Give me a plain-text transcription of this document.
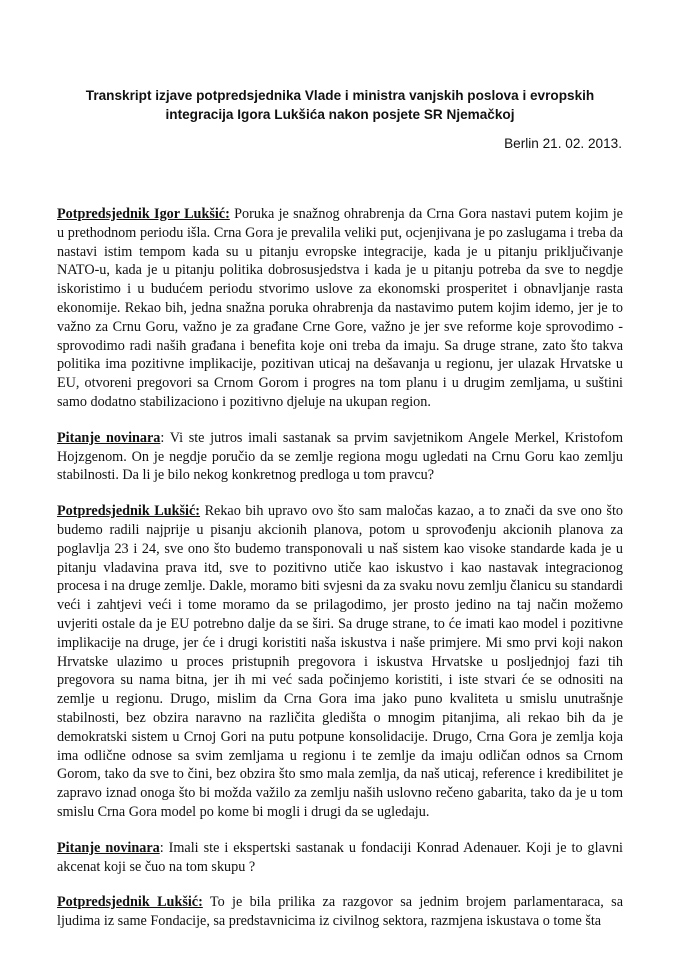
Transkript izjave potpredsjednika Vlade i ministra vanjskih poslova i evropskih
integracija Igora Lukšića nakon posjete SR Njemačkoj

Berlin 21. 02. 2013.

Potpredsjednik Igor Lukšić: Poruka je snažnog ohrabrenja da Crna Gora nastavi putem kojim je u prethodnom periodu išla. Crna Gora je prevalila veliki put, ocjenjivana je po zaslugama i treba da nastavi istim tempom kada su u pitanju evropske integracije, kada je u pitanju priključivanje NATO-u, kada je u pitanju politika dobrosusjedstva i kada je u pitanju potreba da sve to negdje iskoristimo i u budućem periodu stvorimo uslove za ekonomski prosperitet i obnavljanje rasta ekonomije. Rekao bih, jedna snažna poruka ohrabrenja da nastavimo putem kojim idemo, jer je to važno za Crnu Goru, važno je za građane Crne Gore, važno je jer sve reforme koje sprovodimo - sprovodimo radi naših građana i benefita koje oni treba da imaju. Sa druge strane, zato što takva politika ima pozitivne implikacije, pozitivan uticaj na dešavanja u regionu, jer ulazak Hrvatske u EU, otvoreni pregovori sa Crnom Gorom i progres na tom planu i u drugim zemljama, u suštini samo dodatno stabilizaciono i pozitivno djeluje na ukupan region.

Pitanje novinara: Vi ste jutros imali sastanak sa prvim savjetnikom Angele Merkel, Kristofom Hojzgenom. On je negdje poručio da se zemlje regiona mogu ugledati na Crnu Goru kao zemlju stabilnosti. Da li je bilo nekog konkretnog predloga u tom pravcu?

Potpredsjednik Lukšić: Rekao bih upravo ovo što sam maločas kazao, a to znači da sve ono što budemo radili najprije u pisanju akcionih planova, potom u sprovođenju akcionih planova za poglavlja 23 i 24, sve ono što budemo transponovali u naš sistem kao visoke standarde kada je u pitanju vladavina prava itd, sve to pozitivno utiče kao iskustvo i kao nastavak integracionog procesa i na druge zemlje. Dakle, moramo biti svjesni da za svaku novu zemlju članicu su standardi veći i zahtjevi veći i tome moramo da se prilagodimo, jer prosto jedino na taj način možemo uvjeriti ostale da je EU potrebno dalje da se širi. Sa druge strane, to će imati kao model i pozitivne implikacije na druge, jer će i drugi koristiti naša iskustva i naše primjere. Mi smo prvi koji nakon Hrvatske ulazimo u proces pristupnih pregovora i iskustva Hrvatske u posljednjoj fazi tih pregovora su nama bitna, jer ih mi već sada počinjemo koristiti, i iste stvari će se odnositi na zemlje u regionu. Drugo, mislim da Crna Gora ima jako puno kvaliteta u smislu unutrašnje stabilnosti, bez obzira naravno na različita gledišta o mnogim pitanjima, ali rekao bih da je demokratski sistem u Crnoj Gori na putu potpune konsolidacije. Drugo, Crna Gora je zemlja koja ima odlične odnose sa svim zemljama u regionu i te zemlje da imaju odličan odnos sa Crnom Gorom, tako da sve to čini, bez obzira što smo mala zemlja, da naš uticaj, reference i kredibilitet je zapravo iznad onoga što bi možda važilo za zemlju naših uslovno rečeno gabarita, tako da je u tom smislu Crna Gora model po kome bi mogli i drugi da se ugledaju.

Pitanje novinara: Imali ste i ekspertski sastanak u fondaciji Konrad Adenauer. Koji je to glavni akcenat koji se čuo na tom skupu ?

Potpredsjednik Lukšić: To je bila prilika za razgovor sa jednim brojem parlamentaraca, sa ljudima iz same Fondacije, sa predstavnicima iz civilnog sektora, razmjena iskustava o tome šta
